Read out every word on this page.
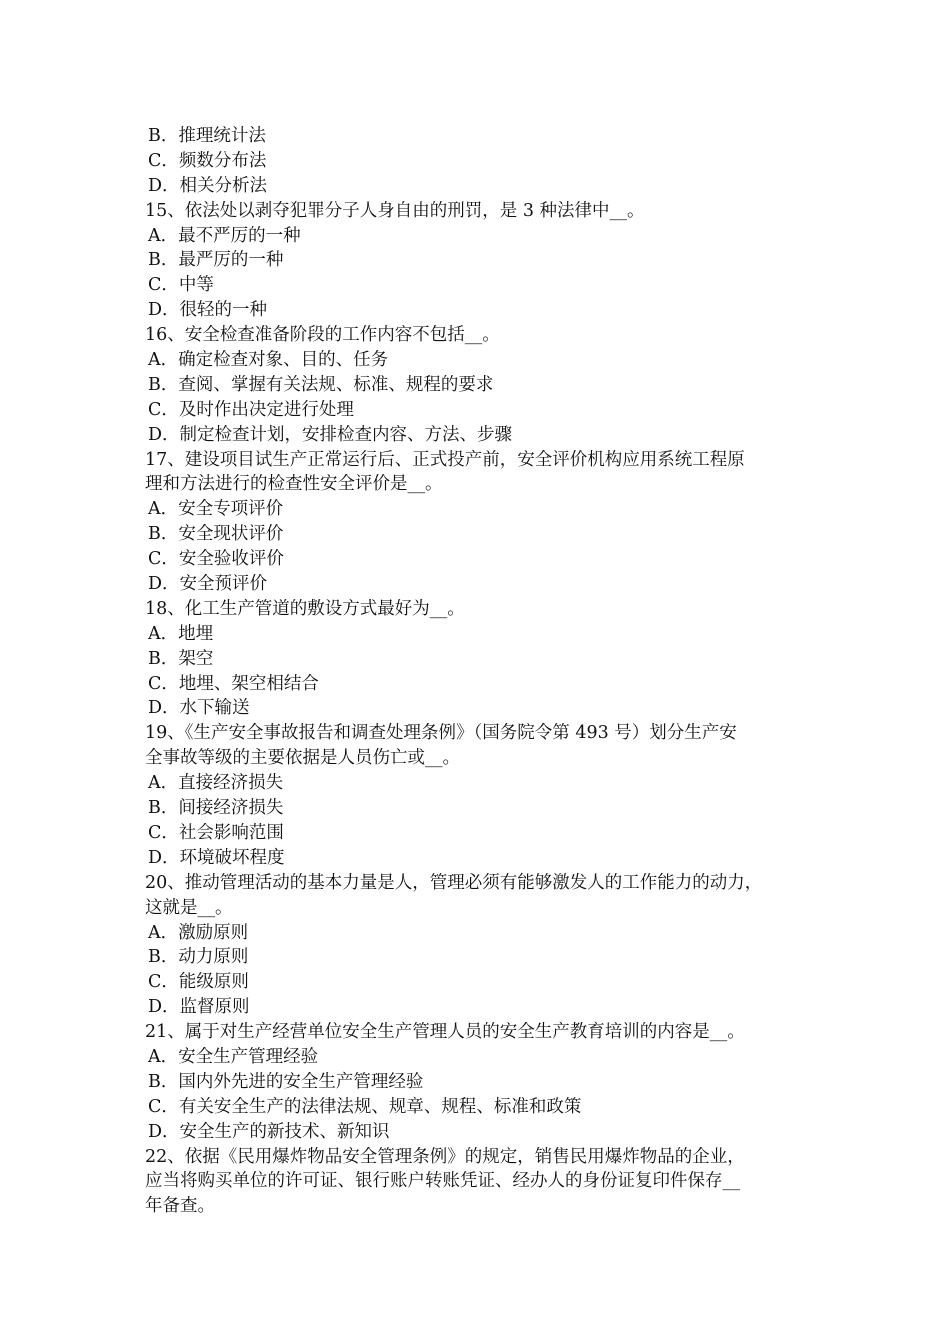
B．推理统计法
C．频数分布法
D．相关分析法
15、依法处以剥夺犯罪分子人身自由的刑罚，是 3 种法律中__。
A．最不严厉的一种
B．最严厉的一种
C．中等
D．很轻的一种
16、安全检查准备阶段的工作内容不包括__。
A．确定检查对象、目的、任务
B．查阅、掌握有关法规、标准、规程的要求
C．及时作出决定进行处理
D．制定检查计划，安排检查内容、方法、步骤
17、建设项目试生产正常运行后、正式投产前，安全评价机构应用系统工程原
理和方法进行的检查性安全评价是__。
A．安全专项评价
B．安全现状评价
C．安全验收评价
D．安全预评价
18、化工生产管道的敷设方式最好为__。
A．地埋
B．架空
C．地埋、架空相结合
D．水下输送
19、《生产安全事故报告和调查处理条例》（国务院令第 493 号）划分生产安
全事故等级的主要依据是人员伤亡或__。
A．直接经济损失
B．间接经济损失
C．社会影响范围
D．环境破坏程度
20、推动管理活动的基本力量是人，管理必须有能够激发人的工作能力的动力，
这就是__。
A．激励原则
B．动力原则
C．能级原则
D．监督原则
21、属于对生产经营单位安全生产管理人员的安全生产教育培训的内容是__。
A．安全生产管理经验
B．国内外先进的安全生产管理经验
C．有关安全生产的法律法规、规章、规程、标准和政策
D．安全生产的新技术、新知识
22、依据《民用爆炸物品安全管理条例》的规定，销售民用爆炸物品的企业，
应当将购买单位的许可证、银行账户转账凭证、经办人的身份证复印件保存__
年备查。
